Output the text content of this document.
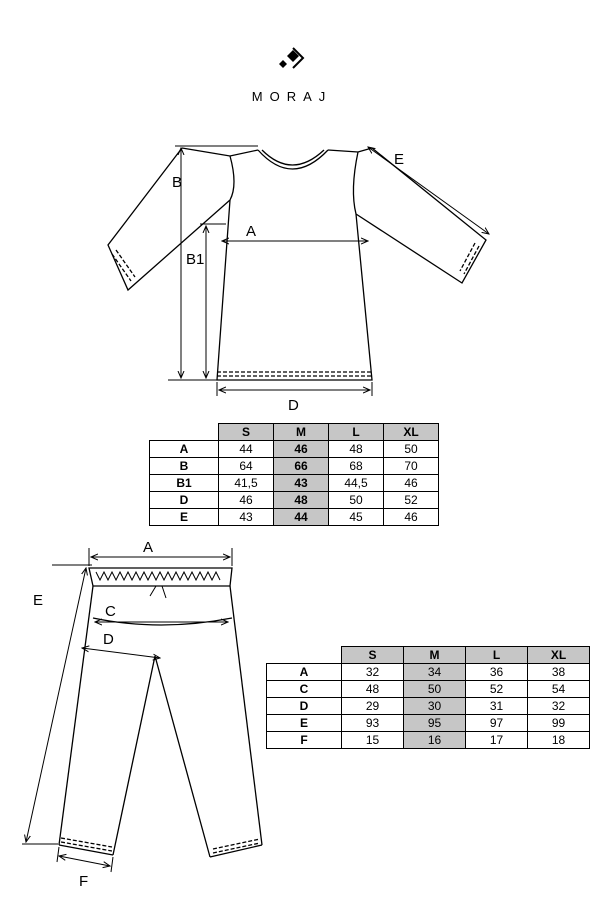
MORAJ
B
B1
A
D
E
A
C
D
E
F
	S	M	L	XL
A	44	46	48	50
B	64	66	68	70
B1	41,5	43	44,5	46
D	46	48	50	52
E	43	44	45	46
	S	M	L	XL
A	32	34	36	38
C	48	50	52	54
D	29	30	31	32
E	93	95	97	99
F	15	16	17	18
